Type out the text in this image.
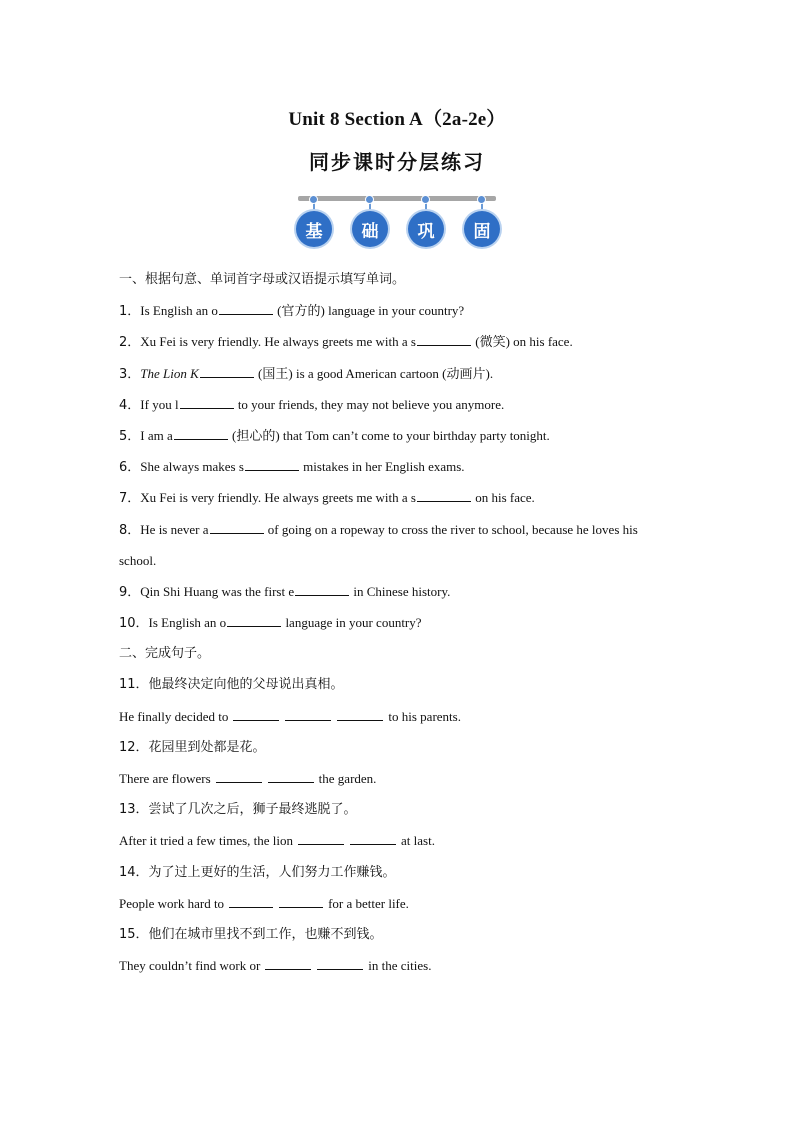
Unit 8 Section A（2a-2e）
同步课时分层练习
基	础	巩	固
一、根据句意、单词首字母或汉语提示填写单词。
1．Is English an o	(官方的) language in your country?
2．Xu Fei is very friendly. He always greets me with a s	(微笑) on his face.
3．The Lion K	(国王) is a good American cartoon (动画片).
4．If you l	to your friends, they may not believe you anymore.
5．I am a	(担心的) that Tom can’t come to your birthday party tonight.
6．She always makes s	mistakes in her English exams.
7．Xu Fei is very friendly. He always greets me with a s	on his face.
8．He is never a	of going on a ropeway to cross the river to school, because he loves his
school.
9．Qin Shi Huang was the first e	in Chinese history.
10．Is English an o	language in your country?
二、完成句子。
11．他最终决定向他的父母说出真相。
He finally decided to	to his parents.
12．花园里到处都是花。
There are flowers	the garden.
13．尝试了几次之后，狮子最终逃脱了。
After it tried a few times, the lion	at last.
14．为了过上更好的生活，人们努力工作赚钱。
People work hard to	for a better life.
15．他们在城市里找不到工作，也赚不到钱。
They couldn’t find work or	in the cities.
